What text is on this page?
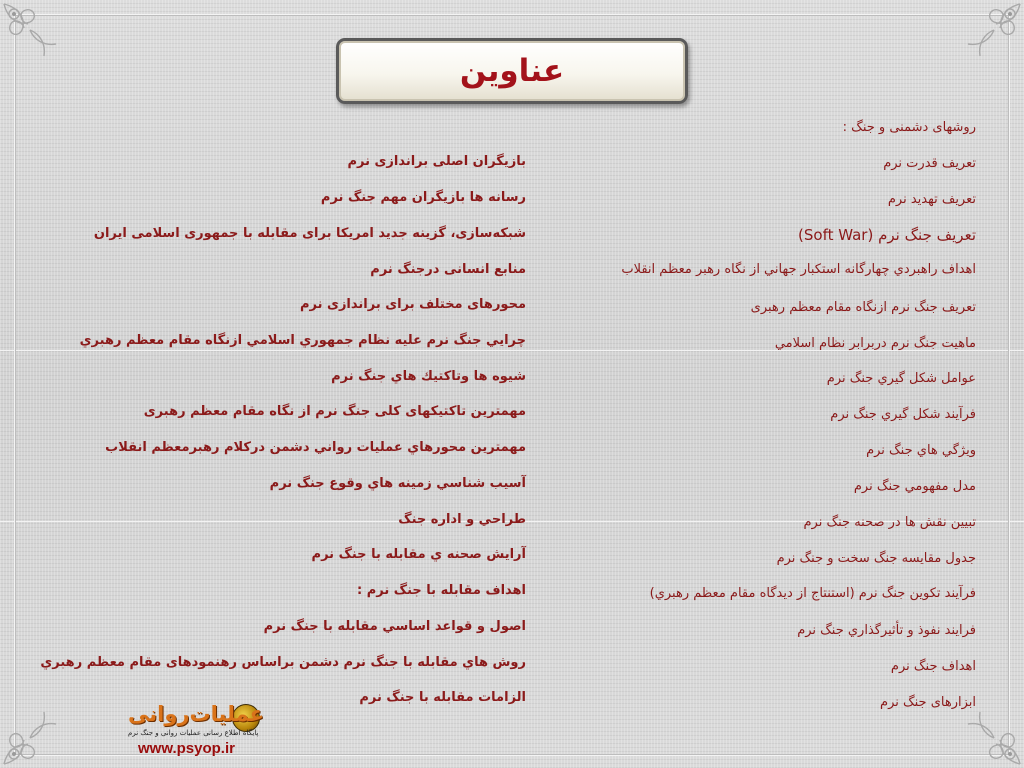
عناوین
روشهای دشمنی و جنگ :
تعریف قدرت نرم
تعریف تهدید نرم
تعریف جنگ نرم (Soft War)
اهداف راهبردي چهارگانه استكبار جهاني از نگاه رهبر معظم انقلاب
تعریف جنگ نرم ازنگاه مقام معظم رهبری
ماهیت جنگ نرم دربرابر نظام اسلامي
عوامل شكل گيري جنگ نرم
فرآيند شكل گيري جنگ نرم
ويژگي هاي جنگ نرم
مدل مفهومي جنگ نرم
تبیین نقش ها در صحنه جنگ نرم
جدول مقایسه جنگ سخت و جنگ نرم
فرآيند تكوين جنگ نرم (استنتاج از ديدگاه مقام معظم رهبري)
فرايند نفوذ و تأثيرگذاري جنگ نرم
اهداف جنگ نرم
ابزارهای جنگ نرم
بازیگران اصلی براندازی نرم
رسانه ها بازیگران مهم جنگ نرم
شبکه‌سازی، گزینه جدید امریکا برای مقابله با جمهوری اسلامی ایران
منابع انسانی درجنگ نرم
محورهای مختلف برای براندازی نرم
چرايي جنگ نرم عليه نظام جمهوري اسلامي ازنگاه مقام معظم رهبري
شيوه ها وتاكتيك هاي جنگ نرم
مهمترین تاکتیکهای کلی جنگ نرم از نگاه مقام معظم رهبری
مهمترين محورهاي عمليات رواني دشمن دركلام رهبرمعظم انقلاب
آسيب شناسي زمينه هاي وقوع جنگ نرم
طراحي و اداره جنگ
آرايش صحنه ي مقابله با جنگ نرم
اهداف مقابله با جنگ نرم :
اصول و قواعد اساسي مقابله با جنگ نرم
روش هاي مقابله با جنگ نرم دشمن براساس رهنمودهای مقام معظم رهبري
الزامات مقابله با جنگ نرم
عملیات‌روانی
پایگاه اطلاع رسانی عملیات روانی و جنگ نرم
www.psyop.ir
